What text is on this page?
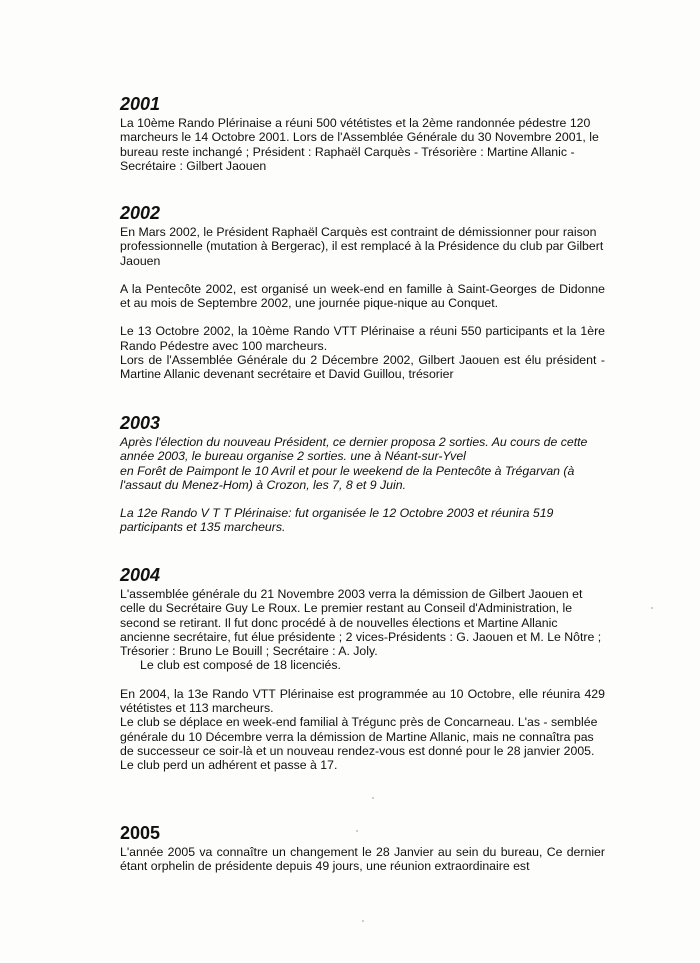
2001

La 10ème Rando Plérinaise a réuni 500 vététistes et la 2ème randonnée pédestre 120 marcheurs le 14 Octobre 2001. Lors de l'Assemblée Générale du 30 Novembre 2001, le bureau reste inchangé ; Président : Raphaël Carquès - Trésorière : Martine Allanic - Secrétaire : Gilbert Jaouen

2002

En Mars 2002, le Président Raphaël Carquès est contraint de démissionner pour raison professionnelle (mutation à Bergerac), il est remplacé à la Présidence du club par Gilbert Jaouen

A la Pentecôte 2002, est organisé un week-end en famille à Saint-Georges de Didonne et au mois de Septembre 2002, une journée pique-nique au Conquet.

Le 13 Octobre 2002, la 10ème Rando VTT Plérinaise a réuni 550 participants et la 1ère Rando Pédestre avec 100 marcheurs.

Lors de l'Assemblée Générale du 2 Décembre 2002, Gilbert Jaouen est élu président - Martine Allanic devenant secrétaire et David Guillou, trésorier

2003

Après l'élection du nouveau Président, ce dernier proposa 2 sorties. Au cours de cette année 2003, le bureau organise 2 sorties. une à Néant-sur-Yvel

en Forêt de Paimpont le 10 Avril et pour le weekend de la Pentecôte à Trégarvan (à l'assaut du Menez-Hom) à Crozon, les 7, 8 et 9 Juin.

La 12e Rando V T T Plérinaise: fut organisée le 12 Octobre 2003 et réunira 519 participants et 135 marcheurs.

2004

L'assemblée générale du 21 Novembre 2003 verra la démission de Gilbert Jaouen et celle du Secrétaire Guy Le Roux. Le premier restant au Conseil d'Administration, le second se retirant. Il fut donc procédé à de nouvelles élections et Martine Allanic ancienne secrétaire, fut élue présidente ; 2 vices-Présidents : G. Jaouen et M. Le Nôtre ; Trésorier : Bruno Le Bouill ; Secrétaire : A. Joly.

Le club est composé de 18 licenciés.

En 2004, la 13e Rando VTT Plérinaise est programmée au 10 Octobre, elle réunira 429 vététistes et 113 marcheurs.

Le club se déplace en week-end familial à Trégunc près de Concarneau. L'as - semblée générale du 10 Décembre verra la démission de Martine Allanic, mais ne connaîtra pas de successeur ce soir-là et un nouveau rendez-vous est donné pour le 28 janvier 2005.

Le club perd un adhérent et passe à 17.

2005

L'année 2005 va connaître un changement le 28 Janvier au sein du bureau, Ce dernier étant orphelin de présidente depuis 49 jours, une réunion extraordinaire est
